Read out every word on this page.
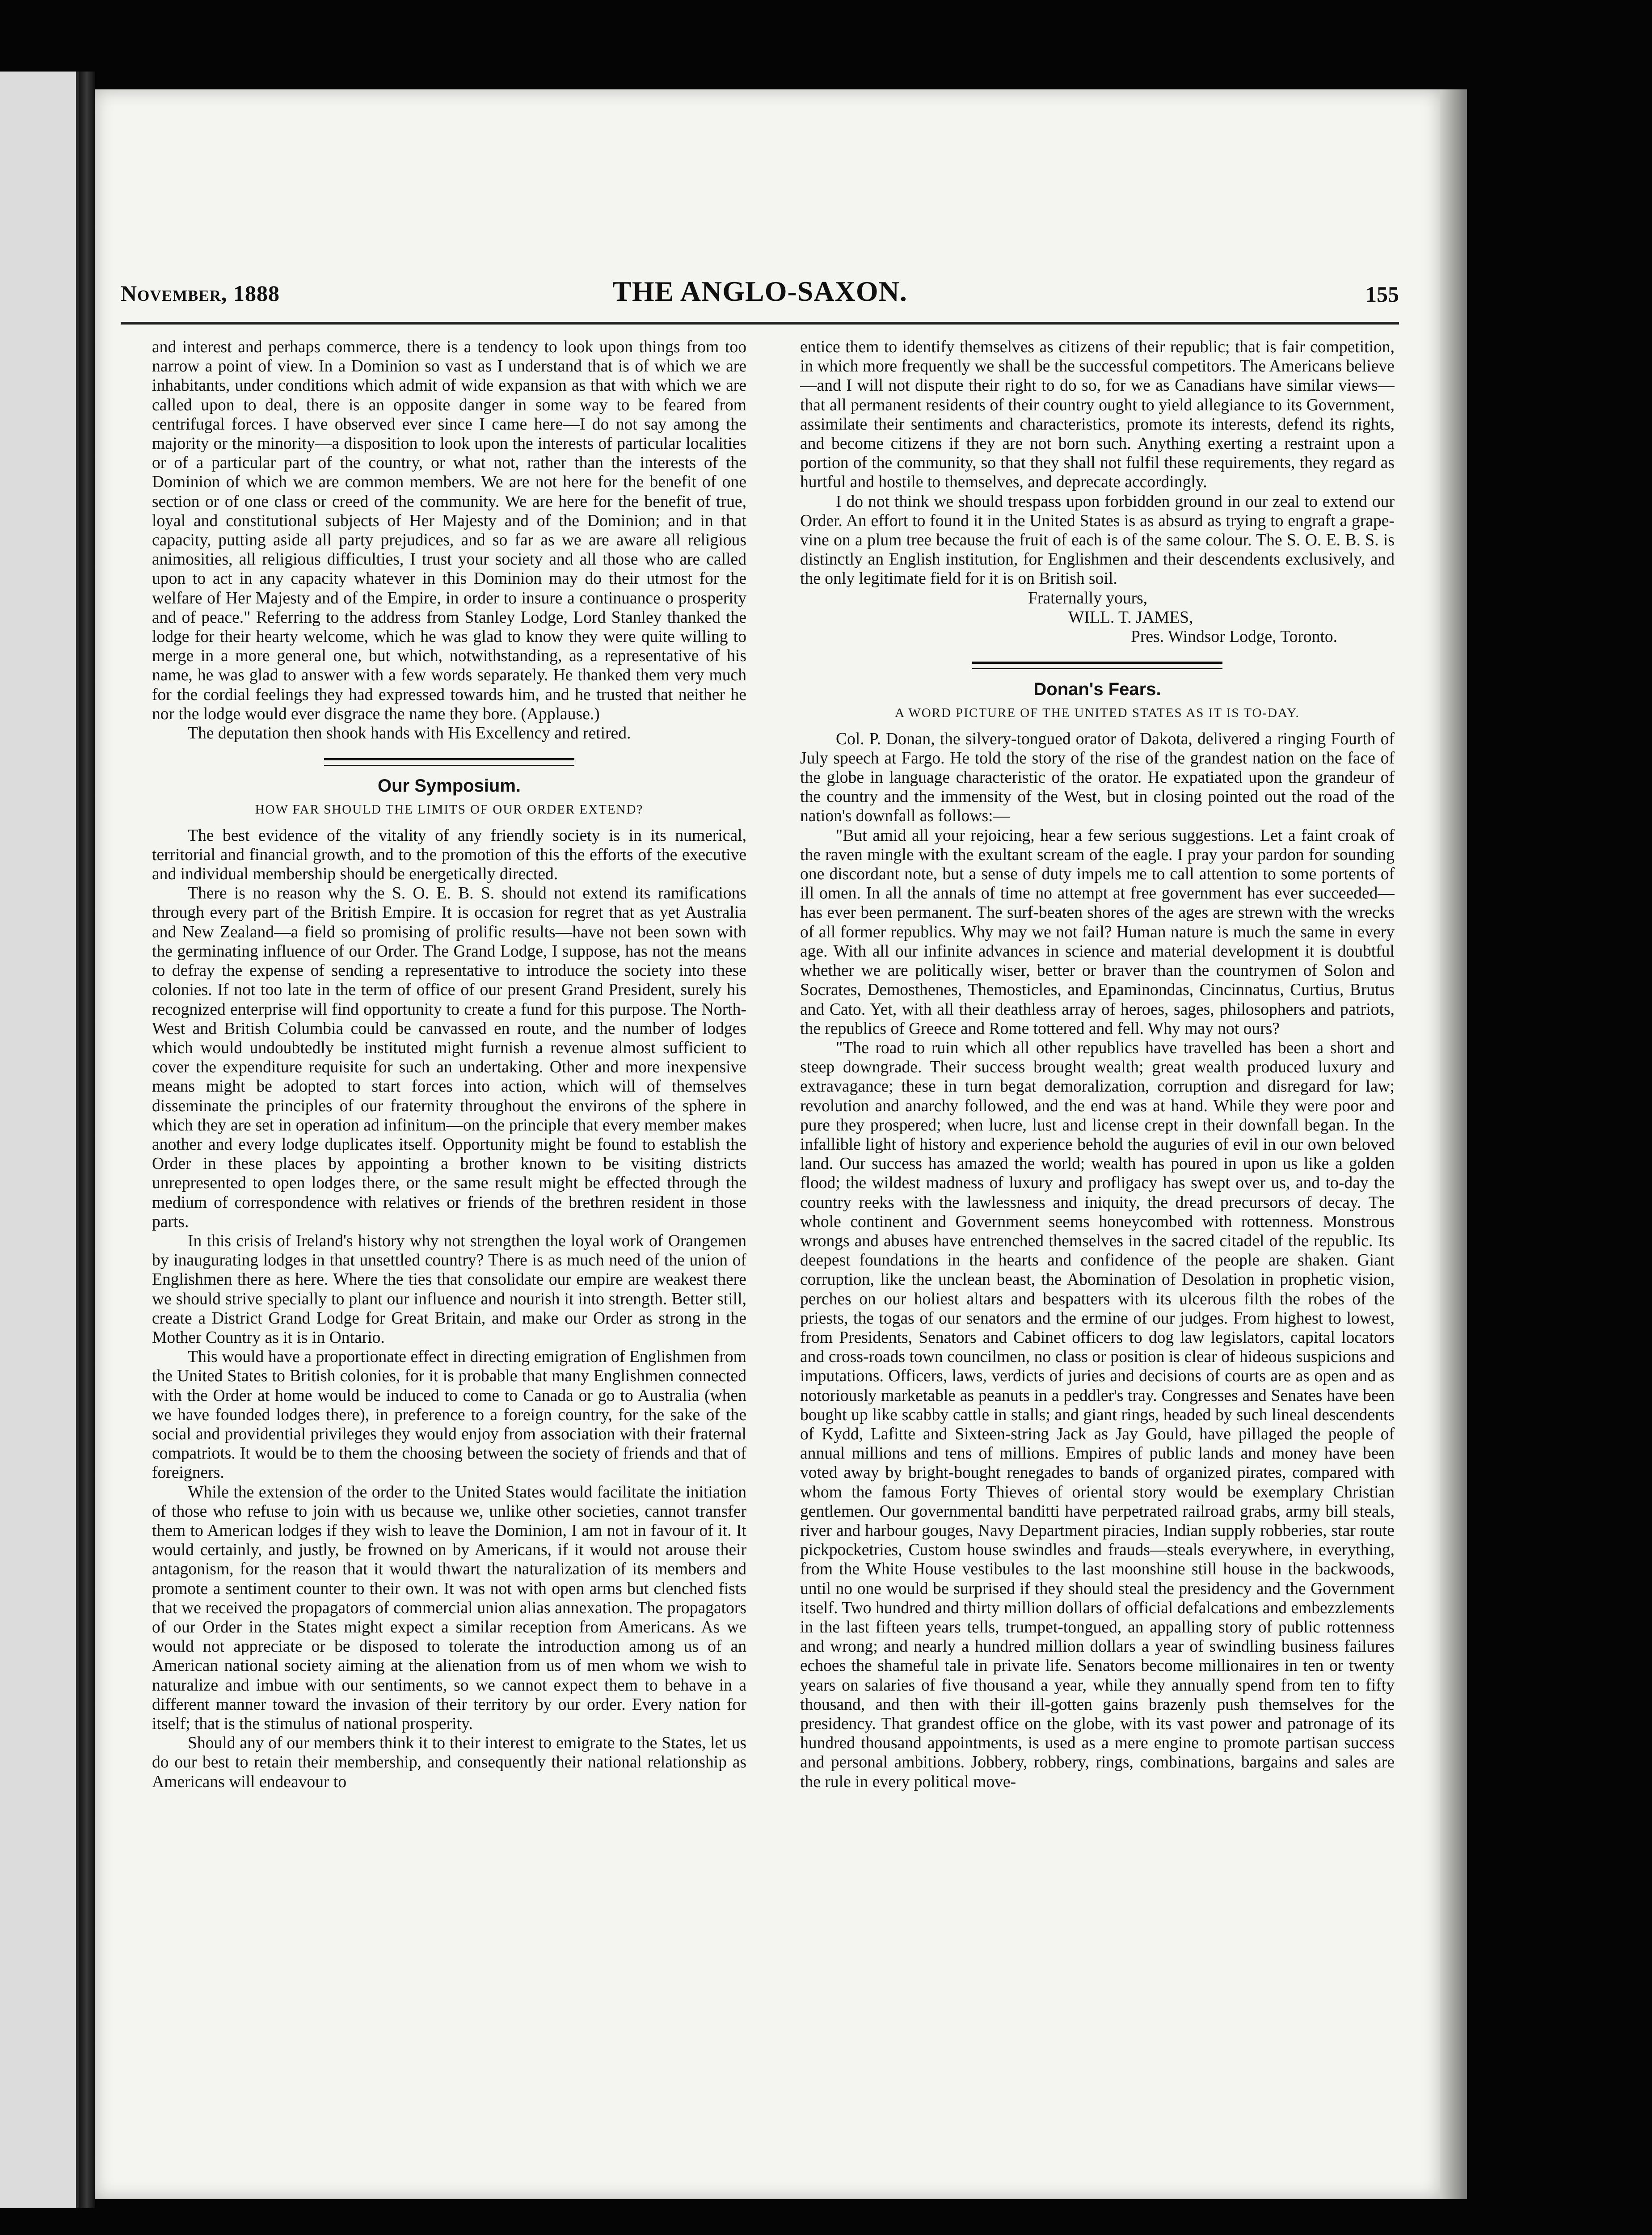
November, 1888	THE ANGLO-SAXON.	155

and interest and perhaps commerce, there is a tendency to look upon things from too narrow a point of view. In a Dominion so vast as I understand that is of which we are inhabitants, under conditions which admit of wide expansion as that with which we are called upon to deal, there is an opposite danger in some way to be feared from centrifugal forces. I have observed ever since I came here—I do not say among the majority or the minority—a disposition to look upon the interests of particular localities or of a particular part of the country, or what not, rather than the interests of the Dominion of which we are common members. We are not here for the benefit of one section or of one class or creed of the community. We are here for the benefit of true, loyal and constitutional subjects of Her Majesty and of the Dominion; and in that capacity, putting aside all party prejudices, and so far as we are aware all religious animosities, all religious difficulties, I trust your society and all those who are called upon to act in any capacity whatever in this Dominion may do their utmost for the welfare of Her Majesty and of the Empire, in order to insure a continuance o prosperity and of peace." Referring to the address from Stanley Lodge, Lord Stanley thanked the lodge for their hearty welcome, which he was glad to know they were quite willing to merge in a more general one, but which, notwithstanding, as a representative of his name, he was glad to answer with a few words separately. He thanked them very much for the cordial feelings they had expressed towards him, and he trusted that neither he nor the lodge would ever disgrace the name they bore. (Applause.)

The deputation then shook hands with His Excellency and retired.

Our Symposium.
HOW FAR SHOULD THE LIMITS OF OUR ORDER EXTEND?

The best evidence of the vitality of any friendly society is in its numerical, territorial and financial growth, and to the promotion of this the efforts of the executive and individual membership should be energetically directed.

There is no reason why the S. O. E. B. S. should not extend its ramifications through every part of the British Empire. It is occasion for regret that as yet Australia and New Zealand—a field so promising of prolific results—have not been sown with the germinating influence of our Order. The Grand Lodge, I suppose, has not the means to defray the expense of sending a representative to introduce the society into these colonies. If not too late in the term of office of our present Grand President, surely his recognized enterprise will find opportunity to create a fund for this purpose. The North-West and British Columbia could be canvassed en route, and the number of lodges which would undoubtedly be instituted might furnish a revenue almost sufficient to cover the expenditure requisite for such an undertaking. Other and more inexpensive means might be adopted to start forces into action, which will of themselves disseminate the principles of our fraternity throughout the environs of the sphere in which they are set in operation ad infinitum—on the principle that every member makes another and every lodge duplicates itself. Opportunity might be found to establish the Order in these places by appointing a brother known to be visiting districts unrepresented to open lodges there, or the same result might be effected through the medium of correspondence with relatives or friends of the brethren resident in those parts.

In this crisis of Ireland's history why not strengthen the loyal work of Orangemen by inaugurating lodges in that unsettled country? There is as much need of the union of Englishmen there as here. Where the ties that consolidate our empire are weakest there we should strive specially to plant our influence and nourish it into strength. Better still, create a District Grand Lodge for Great Britain, and make our Order as strong in the Mother Country as it is in Ontario.

This would have a proportionate effect in directing emigration of Englishmen from the United States to British colonies, for it is probable that many Englishmen connected with the Order at home would be induced to come to Canada or go to Australia (when we have founded lodges there), in preference to a foreign country, for the sake of the social and providential privileges they would enjoy from association with their fraternal compatriots. It would be to them the choosing between the society of friends and that of foreigners.

While the extension of the order to the United States would facilitate the initiation of those who refuse to join with us because we, unlike other societies, cannot transfer them to American lodges if they wish to leave the Dominion, I am not in favour of it. It would certainly, and justly, be frowned on by Americans, if it would not arouse their antagonism, for the reason that it would thwart the naturalization of its members and promote a sentiment counter to their own. It was not with open arms but clenched fists that we received the propagators of commercial union alias annexation. The propagators of our Order in the States might expect a similar reception from Americans. As we would not appreciate or be disposed to tolerate the introduction among us of an American national society aiming at the alienation from us of men whom we wish to naturalize and imbue with our sentiments, so we cannot expect them to behave in a different manner toward the invasion of their territory by our order. Every nation for itself; that is the stimulus of national prosperity.

Should any of our members think it to their interest to emigrate to the States, let us do our best to retain their membership, and consequently their national relationship as Americans will endeavour to

entice them to identify themselves as citizens of their republic; that is fair competition, in which more frequently we shall be the successful competitors. The Americans believe—and I will not dispute their right to do so, for we as Canadians have similar views—that all permanent residents of their country ought to yield allegiance to its Government, assimilate their sentiments and characteristics, promote its interests, defend its rights, and become citizens if they are not born such. Anything exerting a restraint upon a portion of the community, so that they shall not fulfil these requirements, they regard as hurtful and hostile to themselves, and deprecate accordingly.

I do not think we should trespass upon forbidden ground in our zeal to extend our Order. An effort to found it in the United States is as absurd as trying to engraft a grape-vine on a plum tree because the fruit of each is of the same colour. The S. O. E. B. S. is distinctly an English institution, for Englishmen and their descendents exclusively, and the only legitimate field for it is on British soil.

Fraternally yours,

WILL. T. JAMES,

Pres. Windsor Lodge, Toronto.

Donan's Fears.
A WORD PICTURE OF THE UNITED STATES AS IT IS TO-DAY.

Col. P. Donan, the silvery-tongued orator of Dakota, delivered a ringing Fourth of July speech at Fargo. He told the story of the rise of the grandest nation on the face of the globe in language characteristic of the orator. He expatiated upon the grandeur of the country and the immensity of the West, but in closing pointed out the road of the nation's downfall as follows:—

"But amid all your rejoicing, hear a few serious suggestions. Let a faint croak of the raven mingle with the exultant scream of the eagle. I pray your pardon for sounding one discordant note, but a sense of duty impels me to call attention to some portents of ill omen. In all the annals of time no attempt at free government has ever succeeded—has ever been permanent. The surf-beaten shores of the ages are strewn with the wrecks of all former republics. Why may we not fail? Human nature is much the same in every age. With all our infinite advances in science and material development it is doubtful whether we are politically wiser, better or braver than the countrymen of Solon and Socrates, Demosthenes, Themosticles, and Epaminondas, Cincinnatus, Curtius, Brutus and Cato. Yet, with all their deathless array of heroes, sages, philosophers and patriots, the republics of Greece and Rome tottered and fell. Why may not ours?

"The road to ruin which all other republics have travelled has been a short and steep downgrade. Their success brought wealth; great wealth produced luxury and extravagance; these in turn begat demoralization, corruption and disregard for law; revolution and anarchy followed, and the end was at hand. While they were poor and pure they prospered; when lucre, lust and license crept in their downfall began. In the infallible light of history and experience behold the auguries of evil in our own beloved land. Our success has amazed the world; wealth has poured in upon us like a golden flood; the wildest madness of luxury and profligacy has swept over us, and to-day the country reeks with the lawlessness and iniquity, the dread precursors of decay. The whole continent and Government seems honeycombed with rottenness. Monstrous wrongs and abuses have entrenched themselves in the sacred citadel of the republic. Its deepest foundations in the hearts and confidence of the people are shaken. Giant corruption, like the unclean beast, the Abomination of Desolation in prophetic vision, perches on our holiest altars and bespatters with its ulcerous filth the robes of the priests, the togas of our senators and the ermine of our judges. From highest to lowest, from Presidents, Senators and Cabinet officers to dog law legislators, capital locators and cross-roads town councilmen, no class or position is clear of hideous suspicions and imputations. Officers, laws, verdicts of juries and decisions of courts are as open and as notoriously marketable as peanuts in a peddler's tray. Congresses and Senates have been bought up like scabby cattle in stalls; and giant rings, headed by such lineal descendents of Kydd, Lafitte and Sixteen-string Jack as Jay Gould, have pillaged the people of annual millions and tens of millions. Empires of public lands and money have been voted away by bright-bought renegades to bands of organized pirates, compared with whom the famous Forty Thieves of oriental story would be exemplary Christian gentlemen. Our governmental banditti have perpetrated railroad grabs, army bill steals, river and harbour gouges, Navy Department piracies, Indian supply robberies, star route pickpocketries, Custom house swindles and frauds—steals everywhere, in everything, from the White House vestibules to the last moonshine still house in the backwoods, until no one would be surprised if they should steal the presidency and the Government itself. Two hundred and thirty million dollars of official defalcations and embezzlements in the last fifteen years tells, trumpet-tongued, an appalling story of public rottenness and wrong; and nearly a hundred million dollars a year of swindling business failures echoes the shameful tale in private life. Senators become millionaires in ten or twenty years on salaries of five thousand a year, while they annually spend from ten to fifty thousand, and then with their ill-gotten gains brazenly push themselves for the presidency. That grandest office on the globe, with its vast power and patronage of its hundred thousand appointments, is used as a mere engine to promote partisan success and personal ambitions. Jobbery, robbery, rings, combinations, bargains and sales are the rule in every political move-
